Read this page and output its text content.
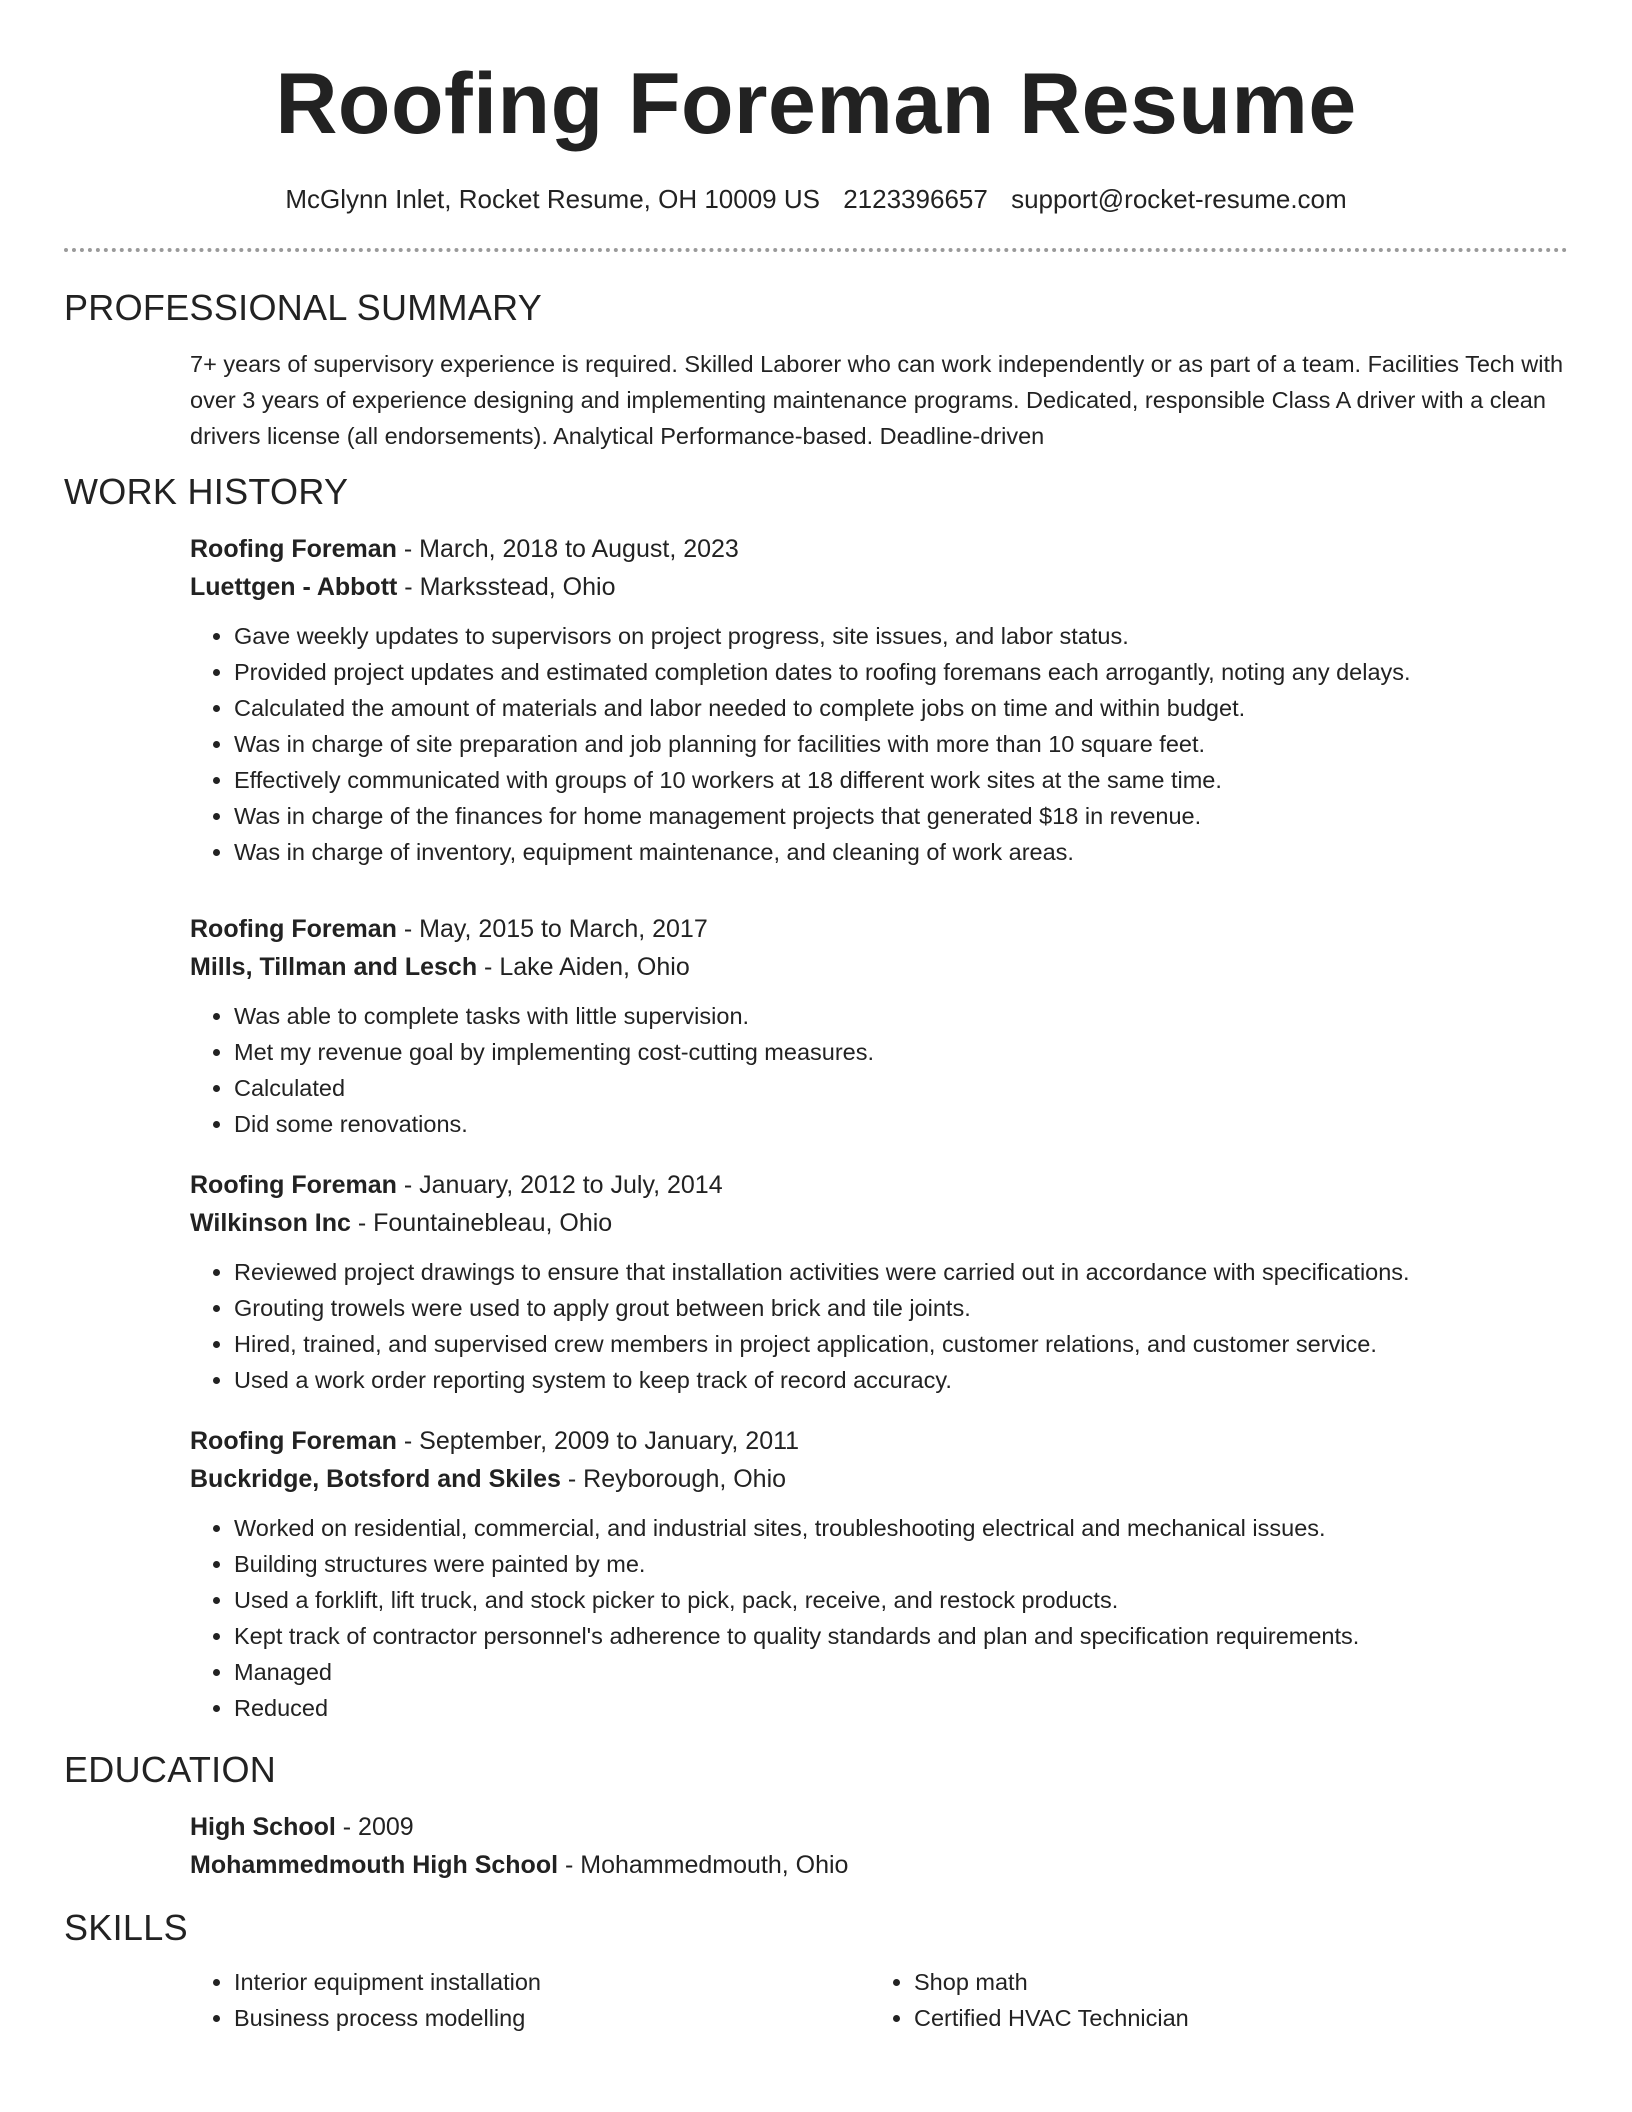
Roofing Foreman Resume
McGlynn Inlet, Rocket Resume, OH 10009 US 2123396657 support@rocket-resume.com
PROFESSIONAL SUMMARY

7+ years of supervisory experience is required. Skilled Laborer who can work independently or as part of a team. Facilities Tech with over 3 years of experience designing and implementing maintenance programs. Dedicated, responsible Class A driver with a clean drivers license (all endorsements). Analytical Performance-based. Deadline-driven

WORK HISTORY
Roofing Foreman - March, 2018 to August, 2023
Luettgen - Abbott - Marksstead, Ohio
• Gave weekly updates to supervisors on project progress, site issues, and labor status.
• Provided project updates and estimated completion dates to roofing foremans each arrogantly, noting any delays.
• Calculated the amount of materials and labor needed to complete jobs on time and within budget.
• Was in charge of site preparation and job planning for facilities with more than 10 square feet.
• Effectively communicated with groups of 10 workers at 18 different work sites at the same time.
• Was in charge of the finances for home management projects that generated $18 in revenue.
• Was in charge of inventory, equipment maintenance, and cleaning of work areas.
Roofing Foreman - May, 2015 to March, 2017
Mills, Tillman and Lesch - Lake Aiden, Ohio
• Was able to complete tasks with little supervision.
• Met my revenue goal by implementing cost-cutting measures.
• Calculated
• Did some renovations.
Roofing Foreman - January, 2012 to July, 2014
Wilkinson Inc - Fountainebleau, Ohio
• Reviewed project drawings to ensure that installation activities were carried out in accordance with specifications.
• Grouting trowels were used to apply grout between brick and tile joints.
• Hired, trained, and supervised crew members in project application, customer relations, and customer service.
• Used a work order reporting system to keep track of record accuracy.
Roofing Foreman - September, 2009 to January, 2011
Buckridge, Botsford and Skiles - Reyborough, Ohio
• Worked on residential, commercial, and industrial sites, troubleshooting electrical and mechanical issues.
• Building structures were painted by me.
• Used a forklift, lift truck, and stock picker to pick, pack, receive, and restock products.
• Kept track of contractor personnel's adherence to quality standards and plan and specification requirements.
• Managed
• Reduced
EDUCATION
High School - 2009
Mohammedmouth High School - Mohammedmouth, Ohio
SKILLS
• Interior equipment installation
• Business process modelling
• Shop math
• Certified HVAC Technician
